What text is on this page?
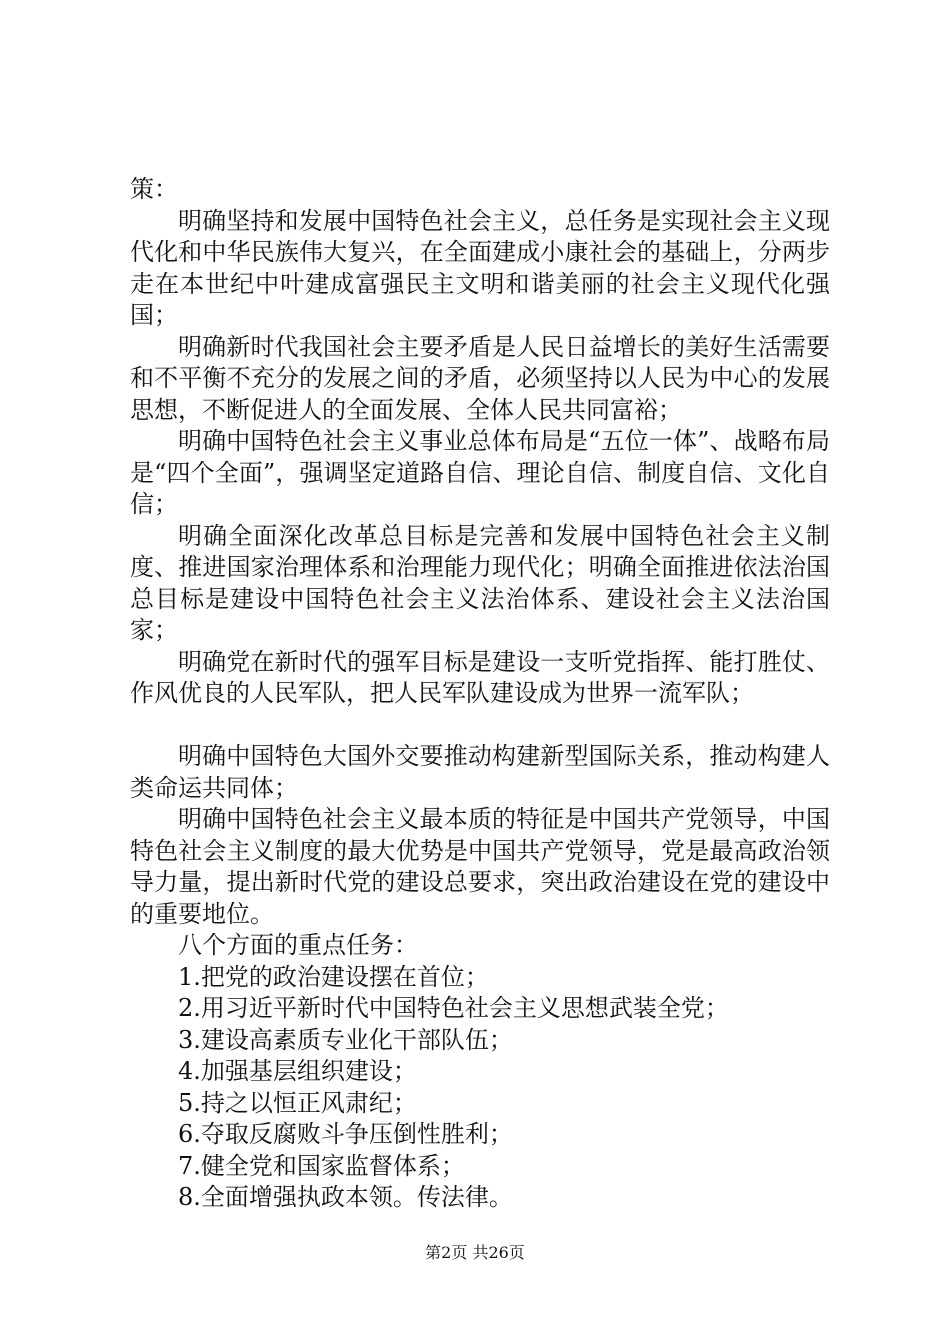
策：

明确坚持和发展中国特色社会主义，总任务是实现社会主义现代化和中华民族伟大复兴，在全面建成小康社会的基础上，分两步走在本世纪中叶建成富强民主文明和谐美丽的社会主义现代化强国；

明确新时代我国社会主要矛盾是人民日益增长的美好生活需要和不平衡不充分的发展之间的矛盾，必须坚持以人民为中心的发展思想，不断促进人的全面发展、全体人民共同富裕；

明确中国特色社会主义事业总体布局是“五位一体”、战略布局是“四个全面”，强调坚定道路自信、理论自信、制度自信、文化自信；

明确全面深化改革总目标是完善和发展中国特色社会主义制度、推进国家治理体系和治理能力现代化；明确全面推进依法治国总目标是建设中国特色社会主义法治体系、建设社会主义法治国家；

明确党在新时代的强军目标是建设一支听党指挥、能打胜仗、作风优良的人民军队，把人民军队建设成为世界一流军队；

明确中国特色大国外交要推动构建新型国际关系，推动构建人类命运共同体；

明确中国特色社会主义最本质的特征是中国共产党领导，中国特色社会主义制度的最大优势是中国共产党领导，党是最高政治领导力量，提出新时代党的建设总要求，突出政治建设在党的建设中的重要地位。

八个方面的重点任务：

1.把党的政治建设摆在首位；

2.用习近平新时代中国特色社会主义思想武装全党；

3.建设高素质专业化干部队伍；

4.加强基层组织建设；

5.持之以恒正风肃纪；

6.夺取反腐败斗争压倒性胜利；

7.健全党和国家监督体系；

8.全面增强执政本领。传法律。

第2页 共26页
